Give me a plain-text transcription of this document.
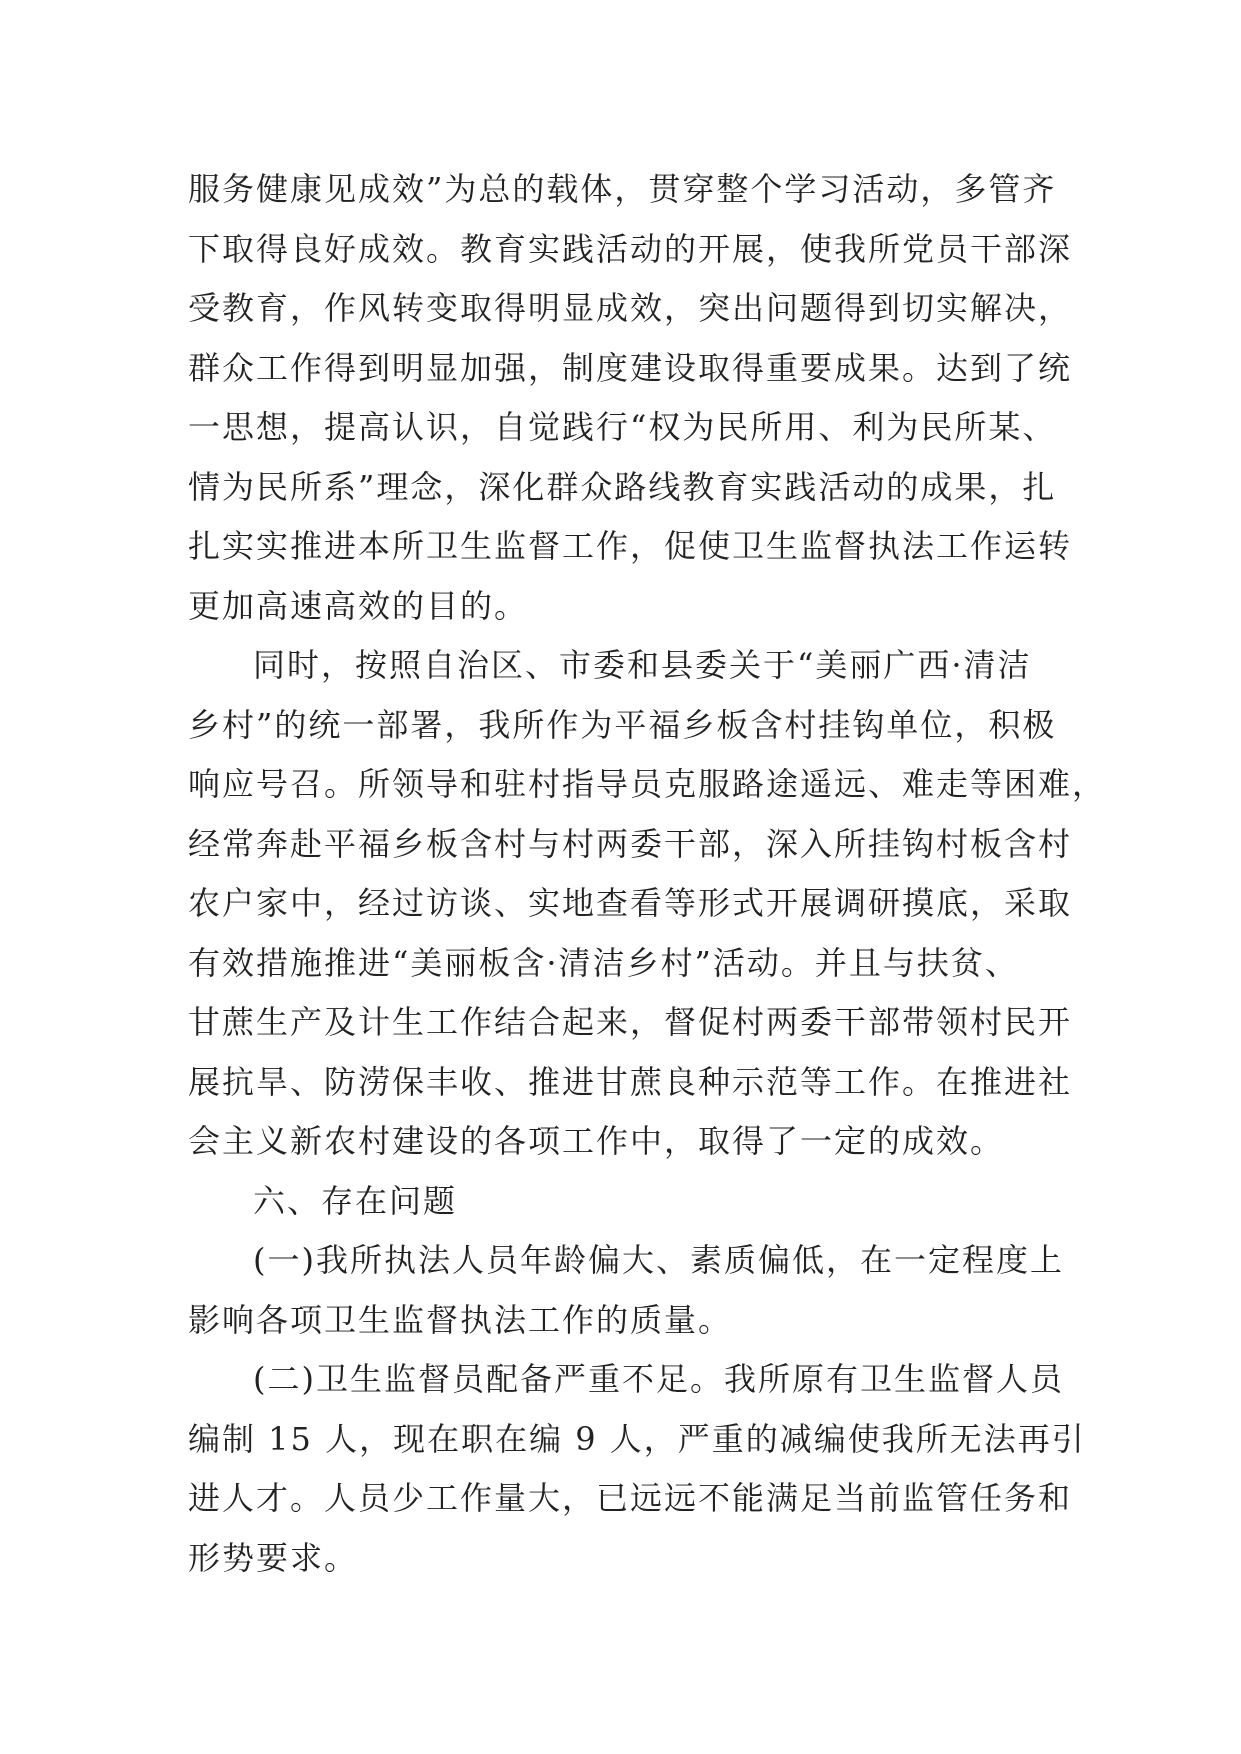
服务健康见成效”为总的载体，贯穿整个学习活动，多管齐
下取得良好成效。教育实践活动的开展，使我所党员干部深
受教育，作风转变取得明显成效，突出问题得到切实解决，
群众工作得到明显加强，制度建设取得重要成果。达到了统
一思想，提高认识，自觉践行“权为民所用、利为民所某、
情为民所系”理念，深化群众路线教育实践活动的成果，扎
扎实实推进本所卫生监督工作，促使卫生监督执法工作运转
更加高速高效的目的。
同时，按照自治区、市委和县委关于“美丽广西·清洁
乡村”的统一部署，我所作为平福乡板含村挂钩单位，积极
响应号召。所领导和驻村指导员克服路途遥远、难走等困难，
经常奔赴平福乡板含村与村两委干部，深入所挂钩村板含村
农户家中，经过访谈、实地查看等形式开展调研摸底，采取
有效措施推进“美丽板含·清洁乡村”活动。并且与扶贫、
甘蔗生产及计生工作结合起来，督促村两委干部带领村民开
展抗旱、防涝保丰收、推进甘蔗良种示范等工作。在推进社
会主义新农村建设的各项工作中，取得了一定的成效。
六、存在问题
(一)我所执法人员年龄偏大、素质偏低，在一定程度上
影响各项卫生监督执法工作的质量。
(二)卫生监督员配备严重不足。我所原有卫生监督人员
编制 15 人，现在职在编 9 人，严重的减编使我所无法再引
进人才。人员少工作量大，已远远不能满足当前监管任务和
形势要求。
